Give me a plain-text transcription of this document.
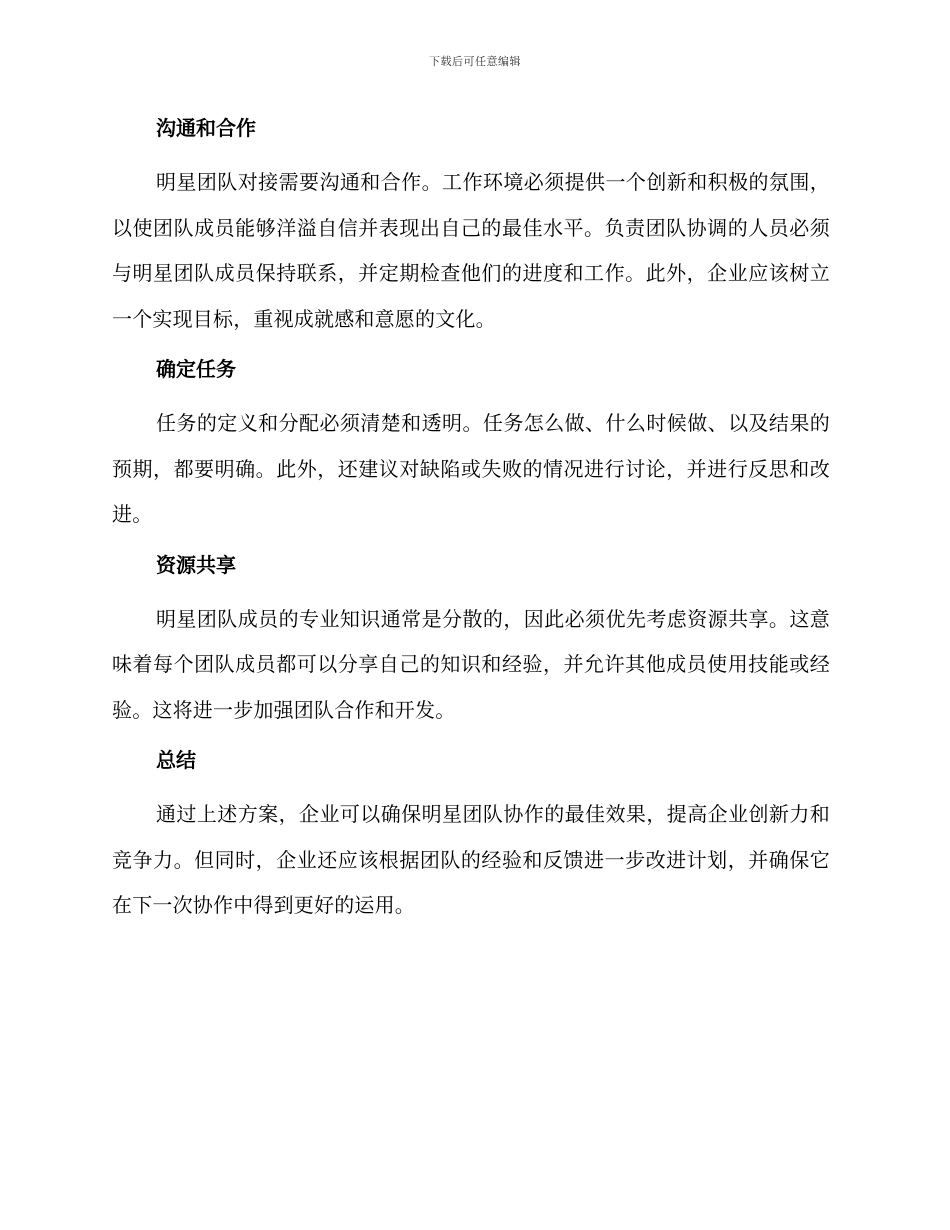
下载后可任意编辑
沟通和合作

明星团队对接需要沟通和合作。工作环境必须提供一个创新和积极的氛围，以使团队成员能够洋溢自信并表现出自己的最佳水平。负责团队协调的人员必须与明星团队成员保持联系，并定期检查他们的进度和工作。此外，企业应该树立一个实现目标，重视成就感和意愿的文化。

确定任务

任务的定义和分配必须清楚和透明。任务怎么做、什么时候做、以及结果的预期，都要明确。此外，还建议对缺陷或失败的情况进行讨论，并进行反思和改进。

资源共享

明星团队成员的专业知识通常是分散的，因此必须优先考虑资源共享。这意味着每个团队成员都可以分享自己的知识和经验，并允许其他成员使用技能或经验。这将进一步加强团队合作和开发。

总结

通过上述方案，企业可以确保明星团队协作的最佳效果，提高企业创新力和竞争力。但同时，企业还应该根据团队的经验和反馈进一步改进计划，并确保它在下一次协作中得到更好的运用。
